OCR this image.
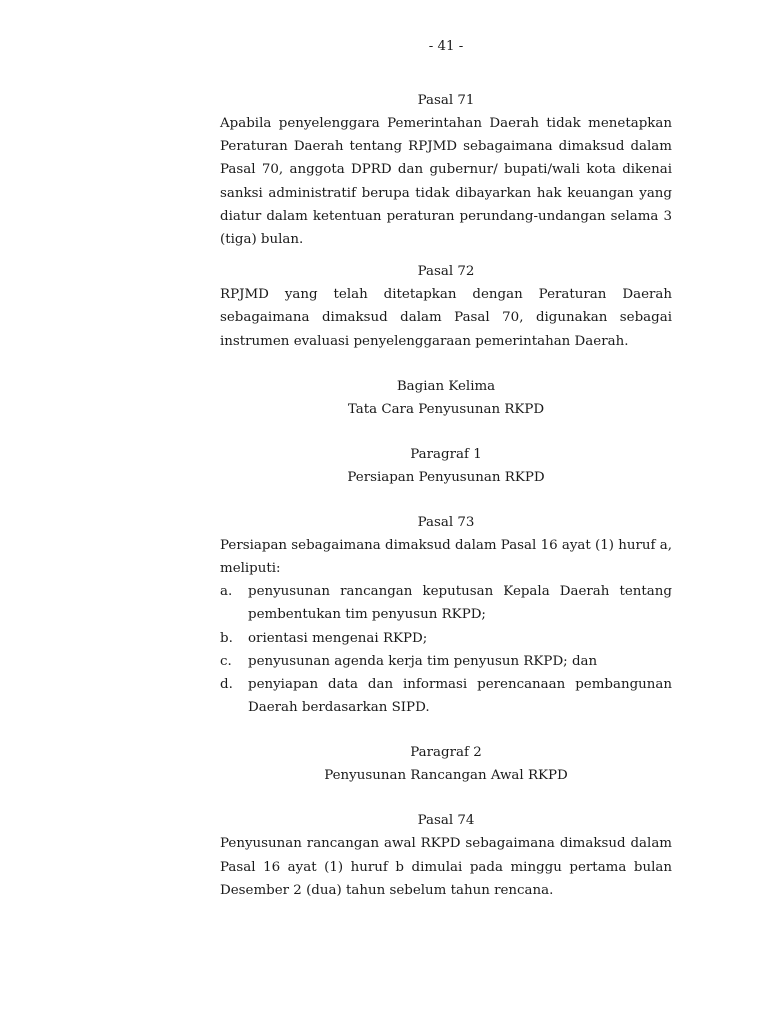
- 41 -

Pasal 71

Apabila penyelenggara Pemerintahan Daerah tidak menetapkan Peraturan Daerah tentang RPJMD sebagaimana dimaksud dalam Pasal 70, anggota DPRD dan gubernur/ bupati/wali kota dikenai sanksi administratif berupa tidak dibayarkan hak keuangan yang diatur dalam ketentuan peraturan perundang-undangan selama 3 (tiga) bulan.

Pasal 72

RPJMD yang telah ditetapkan dengan Peraturan Daerah sebagaimana dimaksud dalam Pasal 70, digunakan sebagai instrumen evaluasi penyelenggaraan pemerintahan Daerah.

Bagian Kelima

Tata Cara Penyusunan RKPD

Paragraf 1

Persiapan Penyusunan RKPD

Pasal 73

Persiapan sebagaimana dimaksud dalam Pasal 16 ayat (1) huruf a, meliputi:

a.	penyusunan rancangan keputusan Kepala Daerah tentang pembentukan tim penyusun RKPD;
b.	orientasi mengenai RKPD;
c.	penyusunan agenda kerja tim penyusun RKPD; dan
d.	penyiapan data dan informasi perencanaan pembangunan Daerah berdasarkan SIPD.

Paragraf 2

Penyusunan Rancangan Awal RKPD

Pasal 74

Penyusunan rancangan awal RKPD sebagaimana dimaksud dalam Pasal 16 ayat (1) huruf b dimulai pada minggu pertama bulan Desember 2 (dua) tahun sebelum tahun rencana.
